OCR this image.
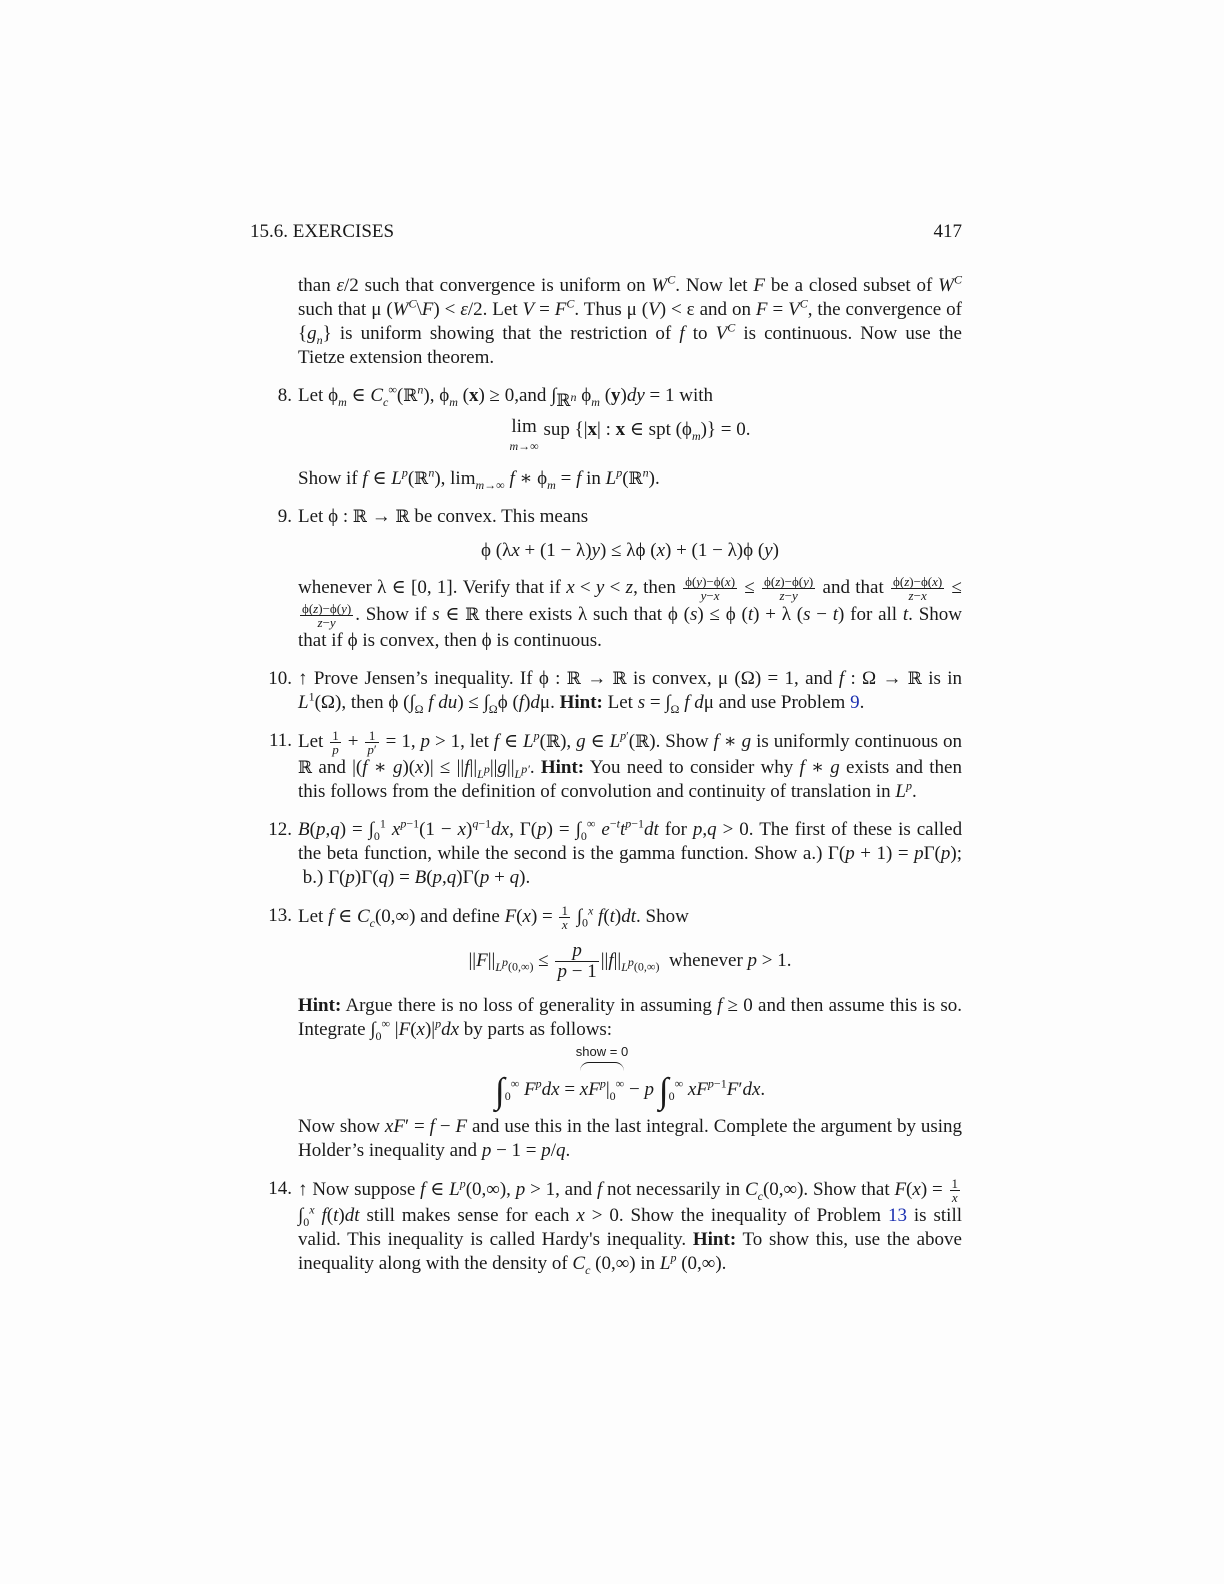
15.6. EXERCISES	417

than ε/2 such that convergence is uniform on $W^C$. Now let F be a closed subset of $W^C$ such that μ $(W^C\backslash F) < \varepsilon/2$. Let $V = F^C$. Thus μ (V) < ε and on $F = V^C$, the convergence of $\{g_n\}$ is uniform showing that the restriction of f to $V^C$ is continuous. Now use the Tietze extension theorem.

8. Let $\phi_m$ ∈ $C_c^\infty(ℝ^n)$, $\phi_m$ (x) ≥ 0,and $\int_{ℝ^n}$ $\phi_m$ (y)dy = 1 with
lim
m→∞ sup {|x| : x ∈ spt $(\phi_m)\} = 0$.
Show if f ∈ $L^p(ℝ^n)$, $\lim_{m\to\infty} f$ ∗ $\phi_m = f$ in $L^p(ℝ^n)$.
9. Let ϕ : ℝ → ℝ be convex. This means
ϕ (λx + (1 − λ)y) ≤ λϕ (x) + (1 − λ)ϕ (y)
whenever λ ∈ [0, 1]. Verify that if x < y < z, then $\frac{\phi(y)-\phi(x)}{y-x} \le \frac{\phi(z)-\phi(y)}{z-y}$ and that $\frac{\phi(z)-\phi(x)}{z-x}$ ≤
$\frac{\phi(z)-\phi(y)}{z-y}$ . Show if s ∈ ℝ there exists λ such that ϕ (s) ≤ ϕ (t) + λ (s − t) for all t. Show that if ϕ is convex, then ϕ is continuous.
10. ↑ Prove Jensen’s inequality. If ϕ : ℝ → ℝ is convex, μ (Ω) = 1, and f : Ω → ℝ is in $L^1(\Omega)$, then ϕ ($\int_\Omega$ f $du) \le \int_\Omega\phi$ (f)dμ. Hint: Let $s = \int_\Omega$ f dμ and use Problem 9.
11. Let $\frac{1}{p} + \frac{1}{p'} = 1$, p > 1, let f ∈ $L^p(ℝ)$, g ∈ $L^{p'}(ℝ)$. Show f ∗ g is uniformly continuous on ℝ and |(f ∗ $g)(x)| \le ||f||_{L^p}||g||_{L^{p'}}$. Hint: You need to consider why f ∗ g exists and then this follows from the definition of convolution and continuity of translation in $L^p$.
12. $B(p,q) = \int_0^1$ $x^{p-1}(1 - x)^{q-1}dx$, $\Gamma(p) = \int_0^\infty$ $e^{-t}t^{p-1}dt$ for p,q > 0. The first of these is called the beta function, while the second is the gamma function. Show a.) Γ(p + 1) = pΓ(p);  b.) Γ(p)Γ(q) = B(p,q)Γ(p + q).
13. Let f ∈ $C_c(0,\infty)$ and define $F(x) = \frac{1}{x} \int_0^x$ f(t)dt. Show
$||F||_{L^p(0,\infty)} \le \frac{p}{p - 1} ||f||_{L^p(0,\infty)}$  whenever p > 1.
Hint: Argue there is no loss of generality in assuming f ≥ 0 and then assume this is so. Integrate $\int_0^\infty$ $|F(x)|^pdx$ by parts as follows:
$\int_0^\infty$ $F^pdx$ =
show = 0
$xF^p|_0^\infty - p$ $\int_0^\infty$ $xF^{p-1}F'dx$.
Now show xF′ = f − F and use this in the last integral. Complete the argument by using Holder’s inequality and p − 1 = p/q.
14. ↑ Now suppose f ∈ $L^p(0,\infty)$, p > 1, and f not necessarily in $C_c(0,\infty)$. Show that $F(x) = \frac{1}{x}$
$\int_0^x$ f(t)dt still makes sense for each x > 0. Show the inequality of Problem 13 is still valid. This inequality is called Hardy's inequality. Hint: To show this, use the above inequality along with the density of $C_c$ (0,∞) in $L^p$ (0,∞).
